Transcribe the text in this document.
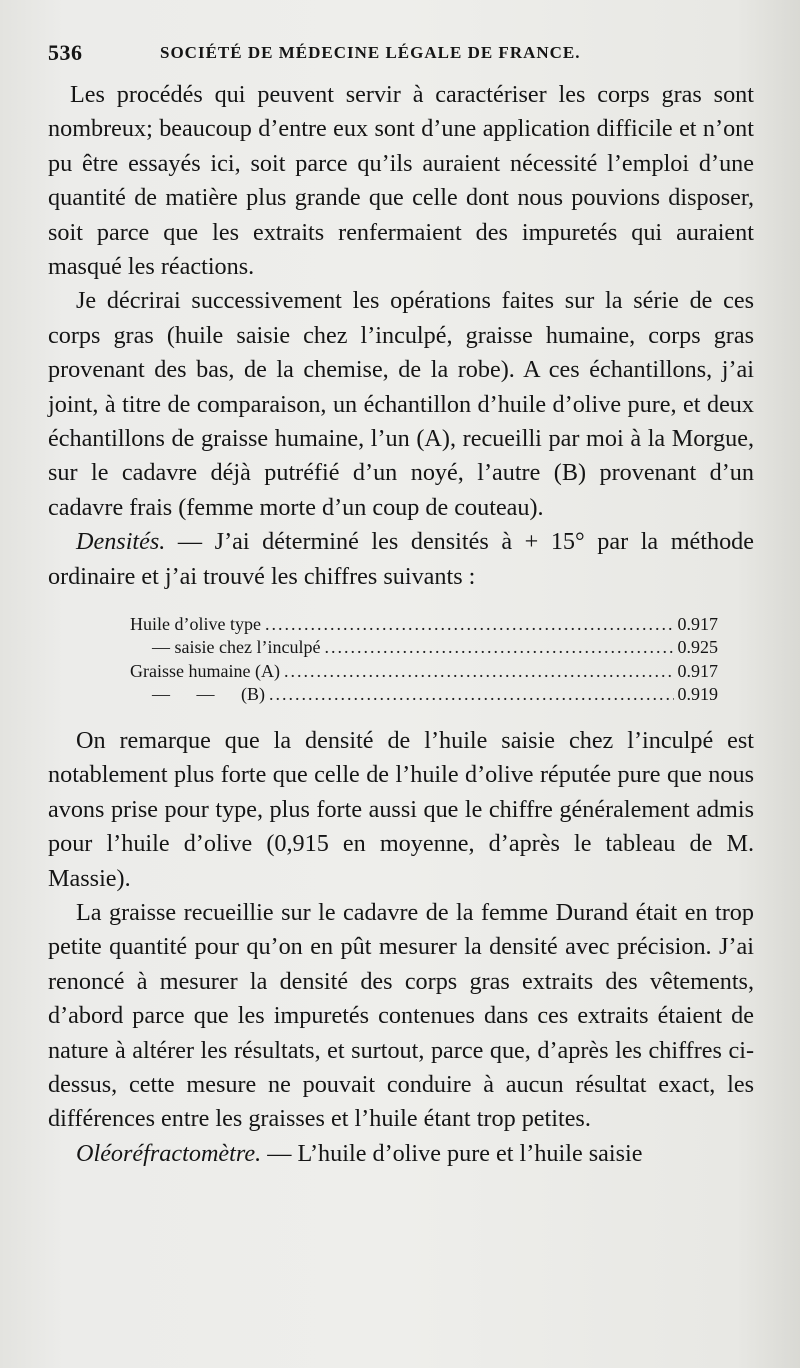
536	SOCIÉTÉ DE MÉDECINE LÉGALE DE FRANCE.

Les procédés qui peuvent servir à caractériser les corps gras sont nombreux; beaucoup d’entre eux sont d’une application difficile et n’ont pu être essayés ici, soit parce qu’ils auraient nécessité l’emploi d’une quantité de matière plus grande que celle dont nous pouvions disposer, soit parce que les extraits renfermaient des impuretés qui auraient masqué les réactions.

Je décrirai successivement les opérations faites sur la série de ces corps gras (huile saisie chez l’inculpé, graisse humaine, corps gras provenant des bas, de la chemise, de la robe). A ces échantillons, j’ai joint, à titre de comparaison, un échantillon d’huile d’olive pure, et deux échantillons de graisse humaine, l’un (A), recueilli par moi à la Morgue, sur le cadavre déjà putréfié d’un noyé, l’autre (B) provenant d’un cadavre frais (femme morte d’un coup de couteau).

Densités. — J’ai déterminé les densités à + 15° par la méthode ordinaire et j’ai trouvé les chiffres suivants :

Huile d’olive type .....	0.917
— saisie chez l’inculpé .....	0.925
Graisse humaine (A) .....	0.917
— — (B) .....	0.919

On remarque que la densité de l’huile saisie chez l’inculpé est notablement plus forte que celle de l’huile d’olive réputée pure que nous avons prise pour type, plus forte aussi que le chiffre généralement admis pour l’huile d’olive (0,915 en moyenne, d’après le tableau de M. Massie).

La graisse recueillie sur le cadavre de la femme Durand était en trop petite quantité pour qu’on en pût mesurer la densité avec précision. J’ai renoncé à mesurer la densité des corps gras extraits des vêtements, d’abord parce que les impuretés contenues dans ces extraits étaient de nature à altérer les résultats, et surtout, parce que, d’après les chiffres ci-dessus, cette mesure ne pouvait conduire à aucun résultat exact, les différences entre les graisses et l’huile étant trop petites.

Oléoréfractomètre. — L’huile d’olive pure et l’huile saisie
